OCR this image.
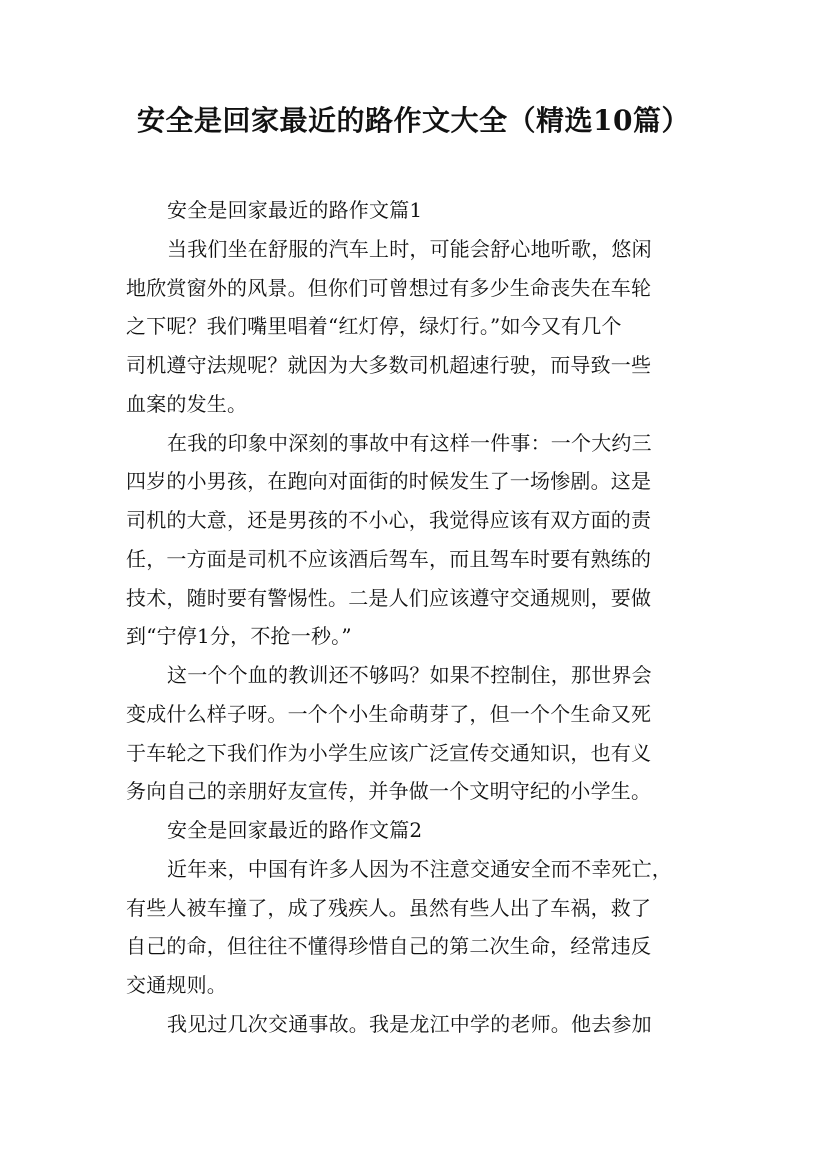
安全是回家最近的路作文大全（精选10篇）
安全是回家最近的路作文篇1
当我们坐在舒服的汽车上时，可能会舒心地听歌，悠闲
地欣赏窗外的风景。但你们可曾想过有多少生命丧失在车轮
之下呢？我们嘴里唱着“红灯停，绿灯行。”如今又有几个
司机遵守法规呢？就因为大多数司机超速行驶，而导致一些
血案的发生。
在我的印象中深刻的事故中有这样一件事：一个大约三
四岁的小男孩，在跑向对面街的时候发生了一场惨剧。这是
司机的大意，还是男孩的不小心，我觉得应该有双方面的责
任，一方面是司机不应该酒后驾车，而且驾车时要有熟练的
技术，随时要有警惕性。二是人们应该遵守交通规则，要做
到“宁停1分，不抢一秒。”
这一个个血的教训还不够吗？如果不控制住，那世界会
变成什么样子呀。一个个小生命萌芽了，但一个个生命又死
于车轮之下我们作为小学生应该广泛宣传交通知识，也有义
务向自己的亲朋好友宣传，并争做一个文明守纪的小学生。
安全是回家最近的路作文篇2
近年来，中国有许多人因为不注意交通安全而不幸死亡，
有些人被车撞了，成了残疾人。虽然有些人出了车祸，救了
自己的命，但往往不懂得珍惜自己的第二次生命，经常违反
交通规则。
我见过几次交通事故。我是龙江中学的老师。他去参加
